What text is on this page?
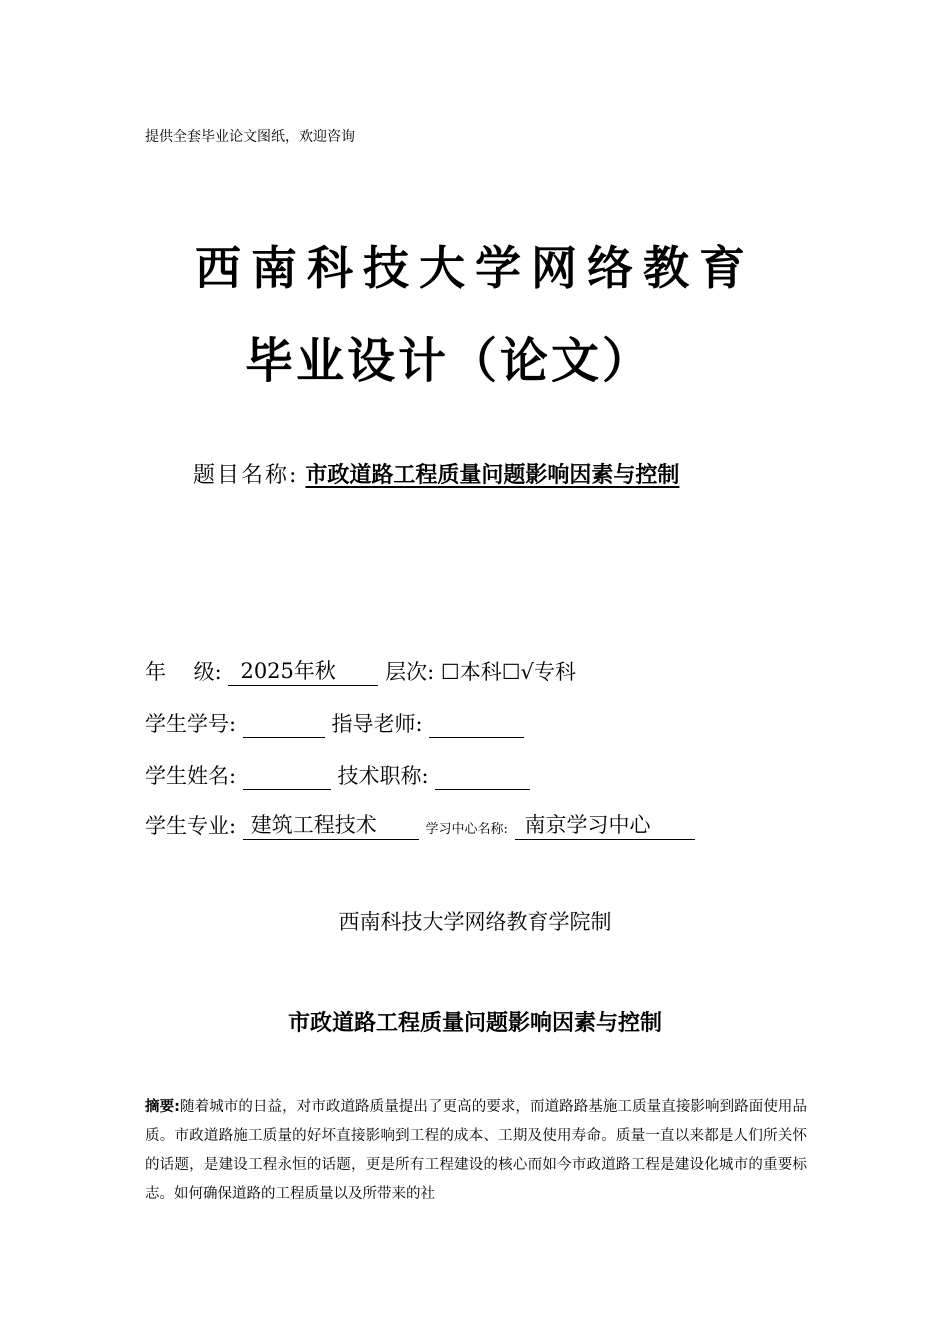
提供全套毕业论文图纸，欢迎咨询
西南科技大学网络教育
毕业设计（论文）
题目名称: 市政道路工程质量问题影响因素与控制
年　 级: 2025年秋 层次: ☐本科☐√专科
学生学号:	指导老师:
学生姓名:	技术职称:
学生专业: 建筑工程技术	学习中心名称: 南京学习中心
西南科技大学网络教育学院制
市政道路工程质量问题影响因素与控制
摘要:随着城市的日益，对市政道路质量提出了更高的要求，而道路路基施工质量直接影响到路面使用品质。市政道路施工质量的好坏直接影响到工程的成本、工期及使用寿命。质量一直以来都是人们所关怀的话题，是建设工程永恒的话题，更是所有工程建设的核心而如今市政道路工程是建设化城市的重要标志。如何确保道路的工程质量以及所带来的社
